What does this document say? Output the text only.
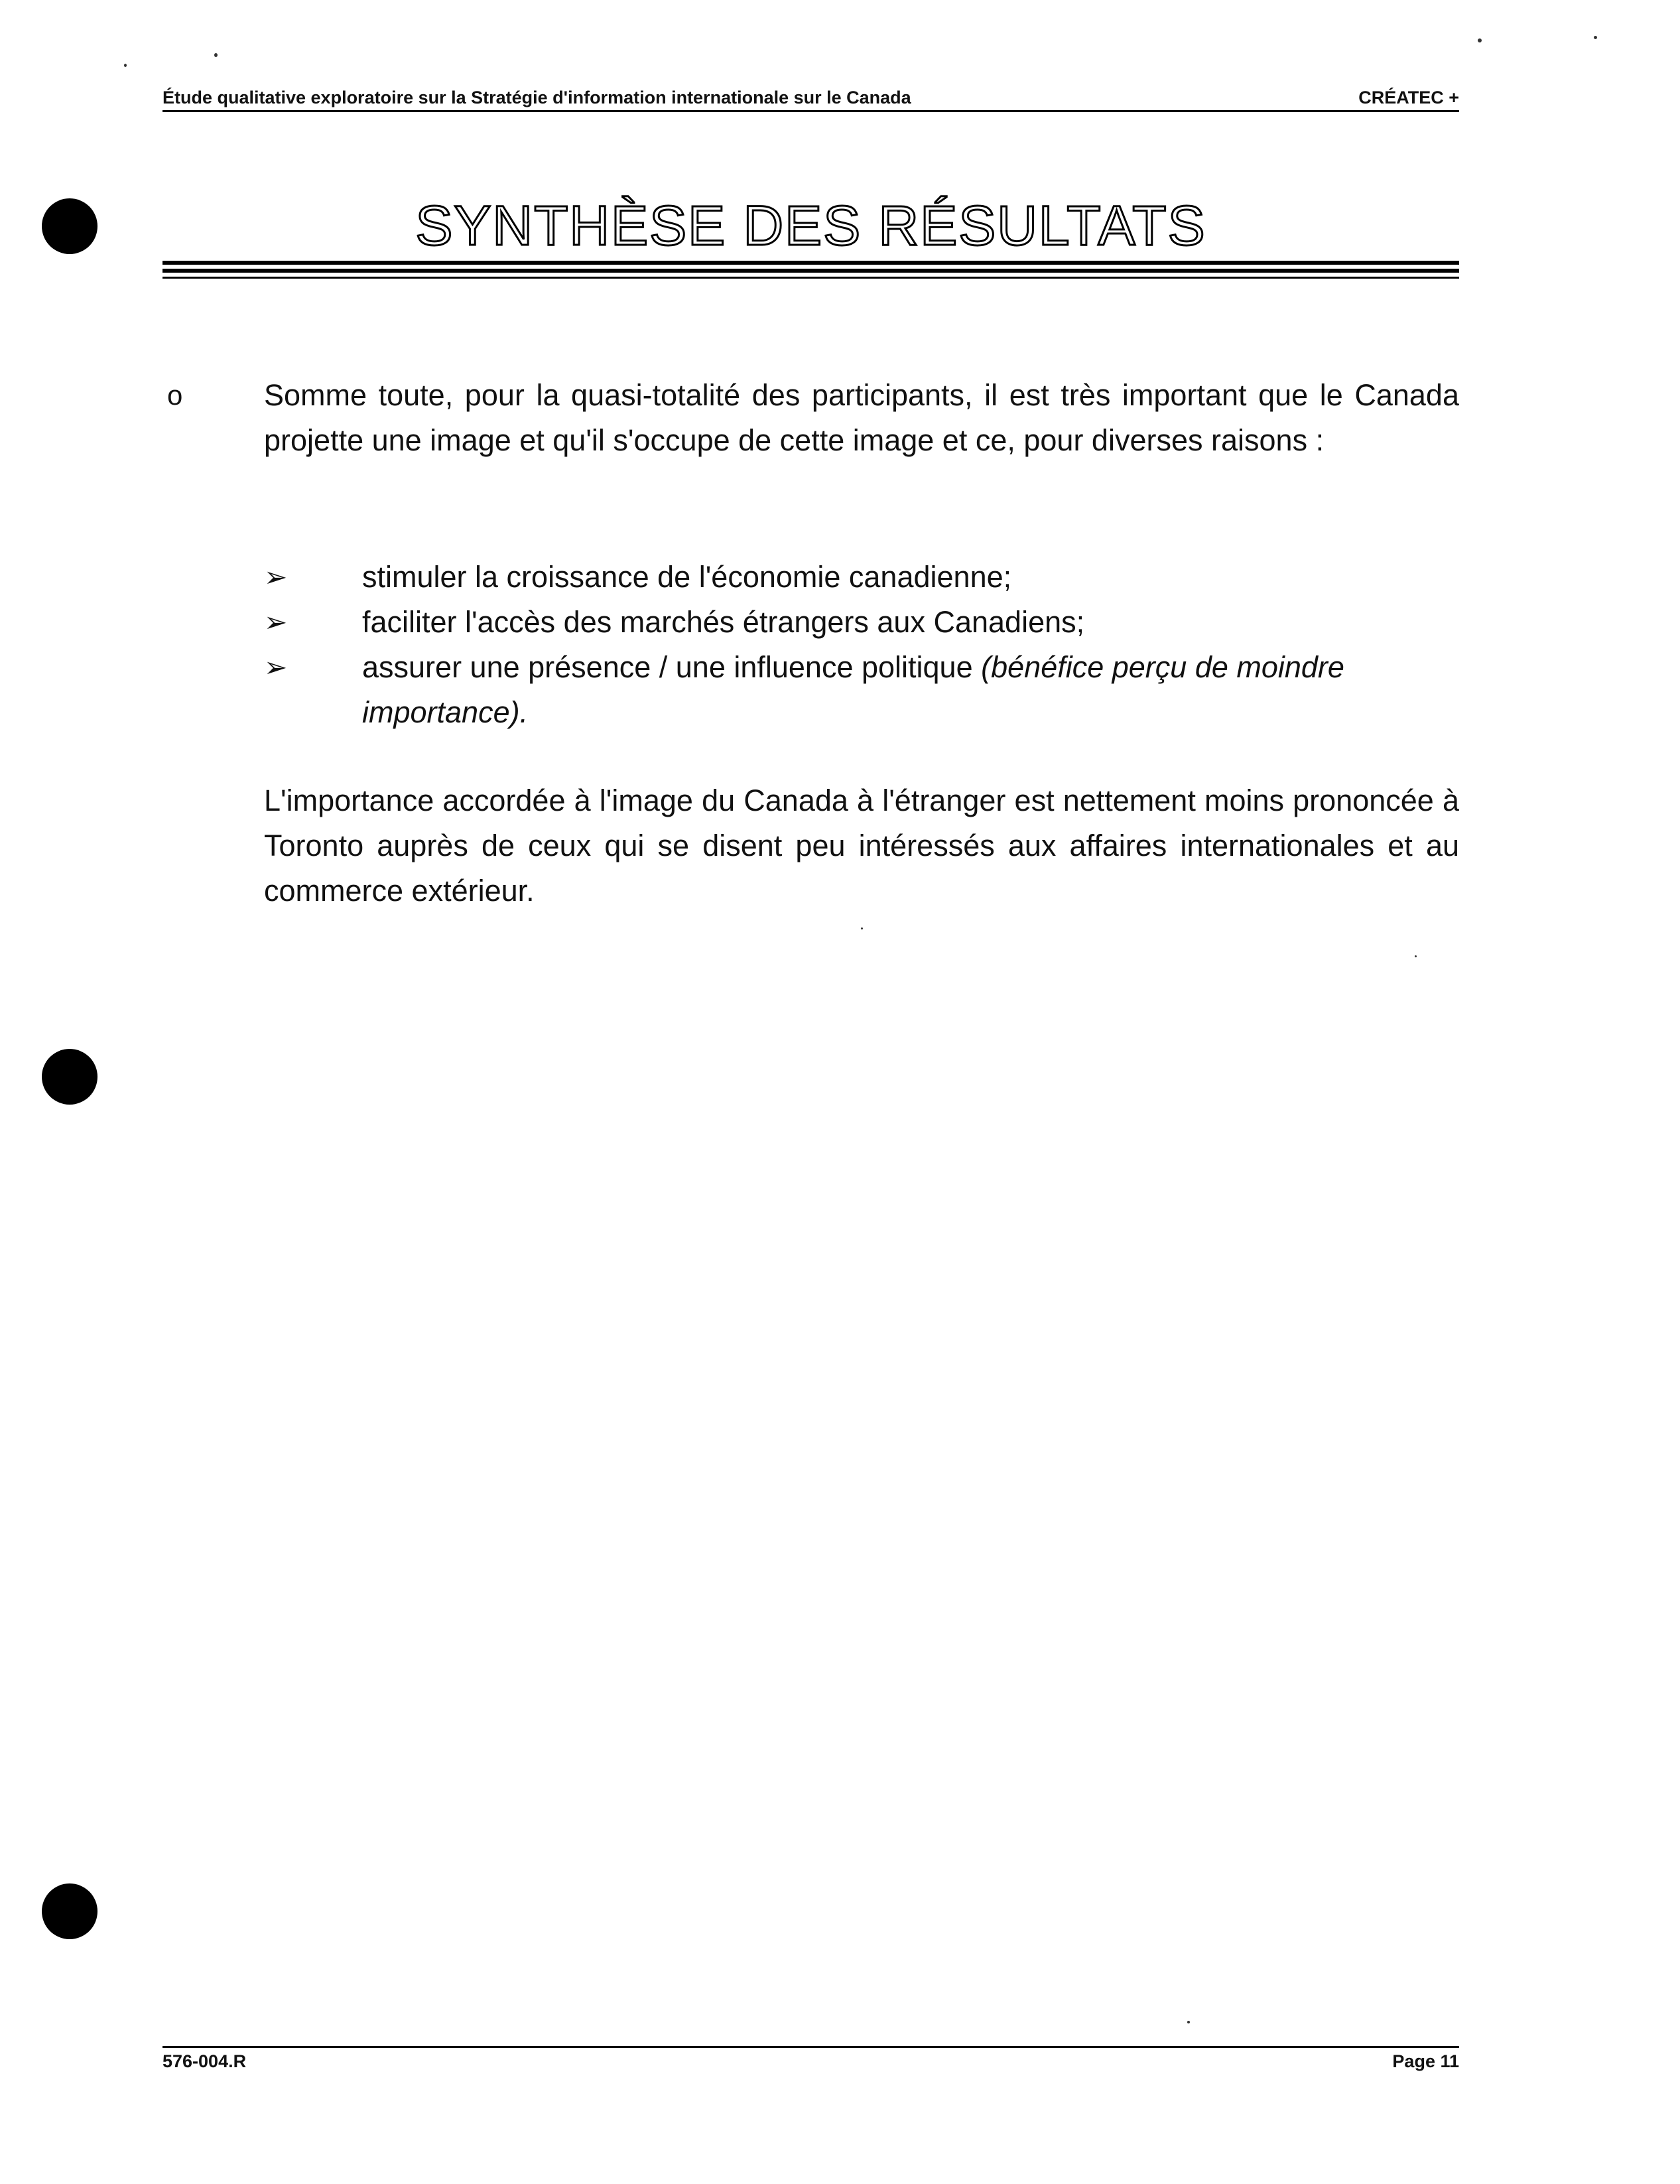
Étude qualitative exploratoire sur la Stratégie d'information internationale sur le Canada	CRÉATEC +
SYNTHÈSE DES RÉSULTATS
o	Somme toute, pour la quasi-totalité des participants, il est très important que le Canada projette une image et qu'il s'occupe de cette image et ce, pour diverses raisons :

➢	stimuler la croissance de l'économie canadienne;
➢	faciliter l'accès des marchés étrangers aux Canadiens;
➢	assurer une présence / une influence politique (bénéfice perçu de moindre importance).

L'importance accordée à l'image du Canada à l'étranger est nettement moins prononcée à Toronto auprès de ceux qui se disent peu intéressés aux affaires internationales et au commerce extérieur.

576-004.R	Page 11
